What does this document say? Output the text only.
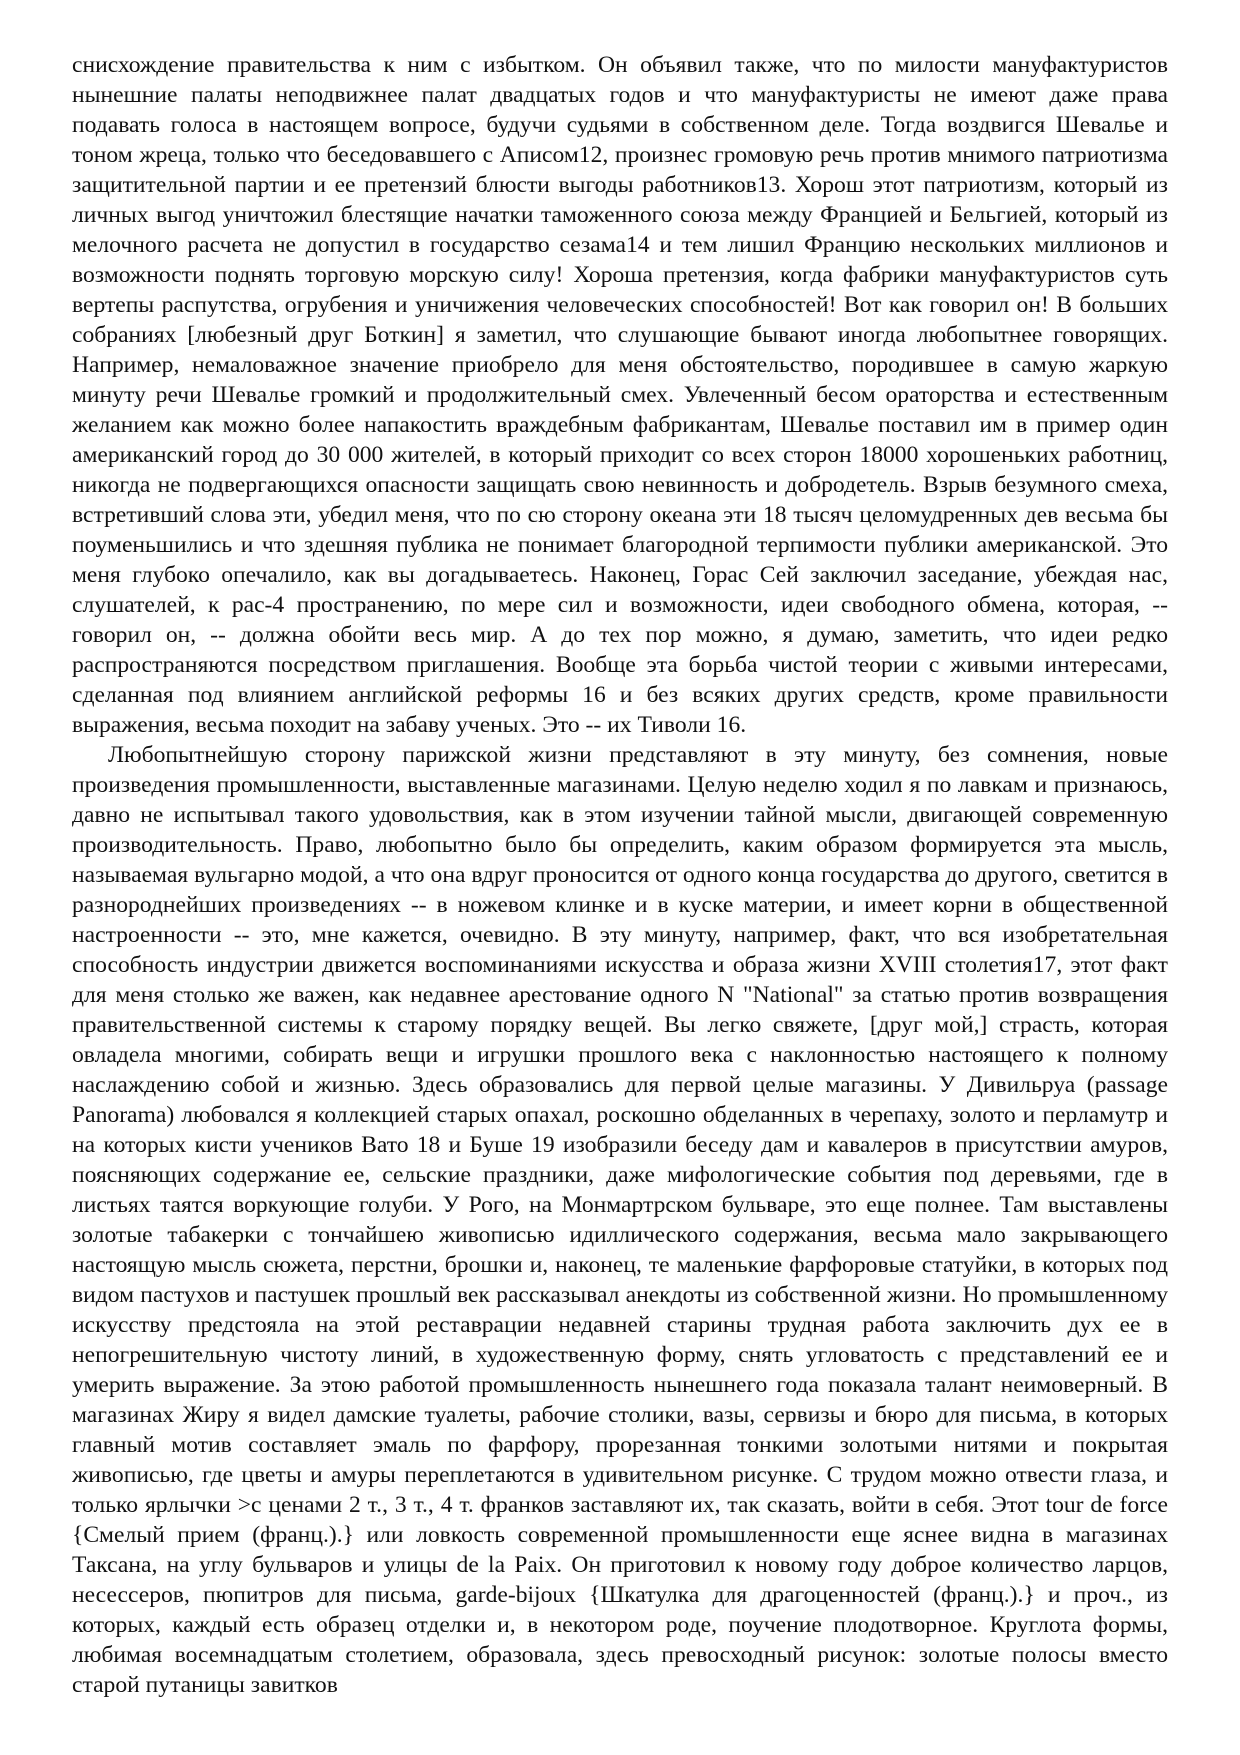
снисхождение правительства к ним с избытком. Он объявил также, что по милости мануфактуристов нынешние палаты неподвижнее палат двадцатых годов и что мануфактуристы не имеют даже права подавать голоса в настоящем вопросе, будучи судьями в собственном деле. Тогда воздвигся Шевалье и тоном жреца, только что беседовавшего с Аписом12, произнес громовую речь против мнимого патриотизма защитительной партии и ее претензий блюсти выгоды работников13. Хорош этот патриотизм, который из личных выгод уничтожил блестящие начатки таможенного союза между Францией и Бельгией, который из мелочного расчета не допустил в государство сезама14 и тем лишил Францию нескольких миллионов и возможности поднять торговую морскую силу! Хороша претензия, когда фабрики мануфактуристов суть вертепы распутства, огрубения и уничижения человеческих способностей! Вот как говорил он! В больших собраниях [любезный друг Боткин] я заметил, что слушающие бывают иногда любопытнее говорящих. Например, немаловажное значение приобрело для меня обстоятельство, породившее в самую жаркую минуту речи Шевалье громкий и продолжительный смех. Увлеченный бесом ораторства и естественным желанием как можно более напакостить враждебным фабрикантам, Шевалье поставил им в пример один американский город до 30 000 жителей, в который приходит со всех сторон 18000 хорошеньких работниц, никогда не подвергающихся опасности защищать свою невинность и добродетель. Взрыв безумного смеха, встретивший слова эти, убедил меня, что по сю сторону океана эти 18 тысяч целомудренных дев весьма бы поуменьшились и что здешняя публика не понимает благородной терпимости публики американской. Это меня глубоко опечалило, как вы догадываетесь. Наконец, Горас Сей заключил заседание, убеждая нас, слушателей, к рас-4 пространению, по мере сил и возможности, идеи свободного обмена, которая, -- говорил он, -- должна обойти весь мир. А до тех пор можно, я думаю, заметить, что идеи редко распространяются посредством приглашения. Вообще эта борьба чистой теории с живыми интересами, сделанная под влиянием английской реформы 16 и без всяких других средств, кроме правильности выражения, весьма походит на забаву ученых. Это -- их Тиволи 16.

Любопытнейшую сторону парижской жизни представляют в эту минуту, без сомнения, новые произведения промышленности, выставленные магазинами. Целую неделю ходил я по лавкам и признаюсь, давно не испытывал такого удовольствия, как в этом изучении тайной мысли, двигающей современную производительность. Право, любопытно было бы определить, каким образом формируется эта мысль, называемая вульгарно модой, а что она вдруг проносится от одного конца государства до другого, светится в разнороднейших произведениях -- в ножевом клинке и в куске материи, и имеет корни в общественной настроенности -- это, мне кажется, очевидно. В эту минуту, например, факт, что вся изобретательная способность индустрии движется воспоминаниями искусства и образа жизни XVIII столетия17, этот факт для меня столько же важен, как недавнее арестование одного N "National" за статью против возвращения правительственной системы к старому порядку вещей. Вы легко свяжете, [друг мой,] страсть, которая овладела многими, собирать вещи и игрушки прошлого века с наклонностью настоящего к полному наслаждению собой и жизнью. Здесь образовались для первой целые магазины. У Дивильруа (passage Panorama) любовался я коллекцией старых опахал, роскошно обделанных в черепаху, золото и перламутр и на которых кисти учеников Вато 18 и Буше 19 изобразили беседу дам и кавалеров в присутствии амуров, поясняющих содержание ее, сельские праздники, даже мифологические события под деревьями, где в листьях таятся воркующие голуби. У Рого, на Монмартрском бульваре, это еще полнее. Там выставлены золотые табакерки с тончайшею живописью идиллического содержания, весьма мало закрывающего настоящую мысль сюжета, перстни, брошки и, наконец, те маленькие фарфоровые статуйки, в которых под видом пастухов и пастушек прошлый век рассказывал анекдоты из собственной жизни. Но промышленному искусству предстояла на этой реставрации недавней старины трудная работа заключить дух ее в непогрешительную чистоту линий, в художественную форму, снять угловатость с представлений ее и умерить выражение. За этою работой промышленность нынешнего года показала талант неимоверный. В магазинах Жиру я видел дамские туалеты, рабочие столики, вазы, сервизы и бюро для письма, в которых главный мотив составляет эмаль по фарфору, прорезанная тонкими золотыми нитями и покрытая живописью, где цветы и амуры переплетаются в удивительном рисунке. С трудом можно отвести глаза, и только ярлычки >с ценами 2 т., 3 т., 4 т. франков заставляют их, так сказать, войти в себя. Этот tour de force {Смелый прием (франц.).} или ловкость современной промышленности еще яснее видна в магазинах Таксана, на углу бульваров и улицы de la Paix. Он приготовил к новому году доброе количество ларцов, несессеров, пюпитров для письма, garde-bijoux {Шкатулка для драгоценностей (франц.).} и проч., из которых, каждый есть образец отделки и, в некотором роде, поучение плодотворное. Круглота формы, любимая восемнадцатым столетием, образовала, здесь превосходный рисунок: золотые полосы вместо старой путаницы завитков
